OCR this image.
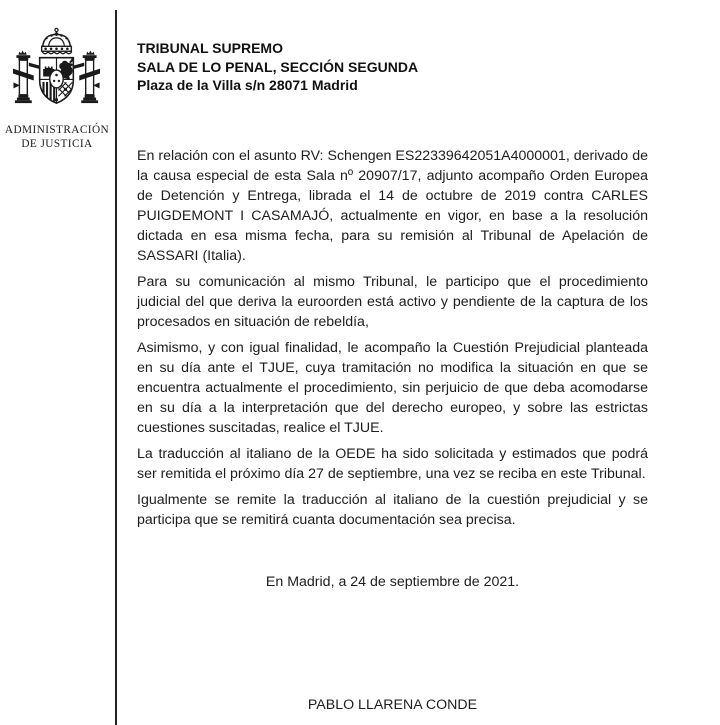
ADMINISTRACIÓN
DE JUSTICIA
TRIBUNAL SUPREMO
SALA DE LO PENAL, SECCIÓN SEGUNDA
Plaza de la Villa s/n 28071 Madrid

En relación con el asunto RV: Schengen ES22339642051A4000001, derivado de la causa especial de esta Sala nº 20907/17, adjunto acompaño Orden Europea de Detención y Entrega, librada el 14 de octubre de 2019 contra CARLES PUIGDEMONT I CASAMAJÓ, actualmente en vigor, en base a la resolución dictada en esa misma fecha, para su remisión al Tribunal de Apelación de SASSARI (Italia).

Para su comunicación al mismo Tribunal, le participo que el procedimiento judicial del que deriva la euroorden está activo y pendiente de la captura de los procesados en situación de rebeldía,

Asimismo, y con igual finalidad, le acompaño la Cuestión Prejudicial planteada en su día ante el TJUE, cuya tramitación no modifica la situación en que se encuentra actualmente el procedimiento, sin perjuicio de que deba acomodarse en su día a la interpretación que del derecho europeo, y sobre las estrictas cuestiones suscitadas, realice el TJUE.

La traducción al italiano de la OEDE ha sido solicitada y estimados que podrá ser remitida el próximo día 27 de septiembre, una vez se reciba en este Tribunal.

Igualmente se remite la traducción al italiano de la cuestión prejudicial y se participa que se remitirá cuanta documentación sea precisa.

En Madrid, a 24 de septiembre de 2021.

PABLO LLARENA CONDE
